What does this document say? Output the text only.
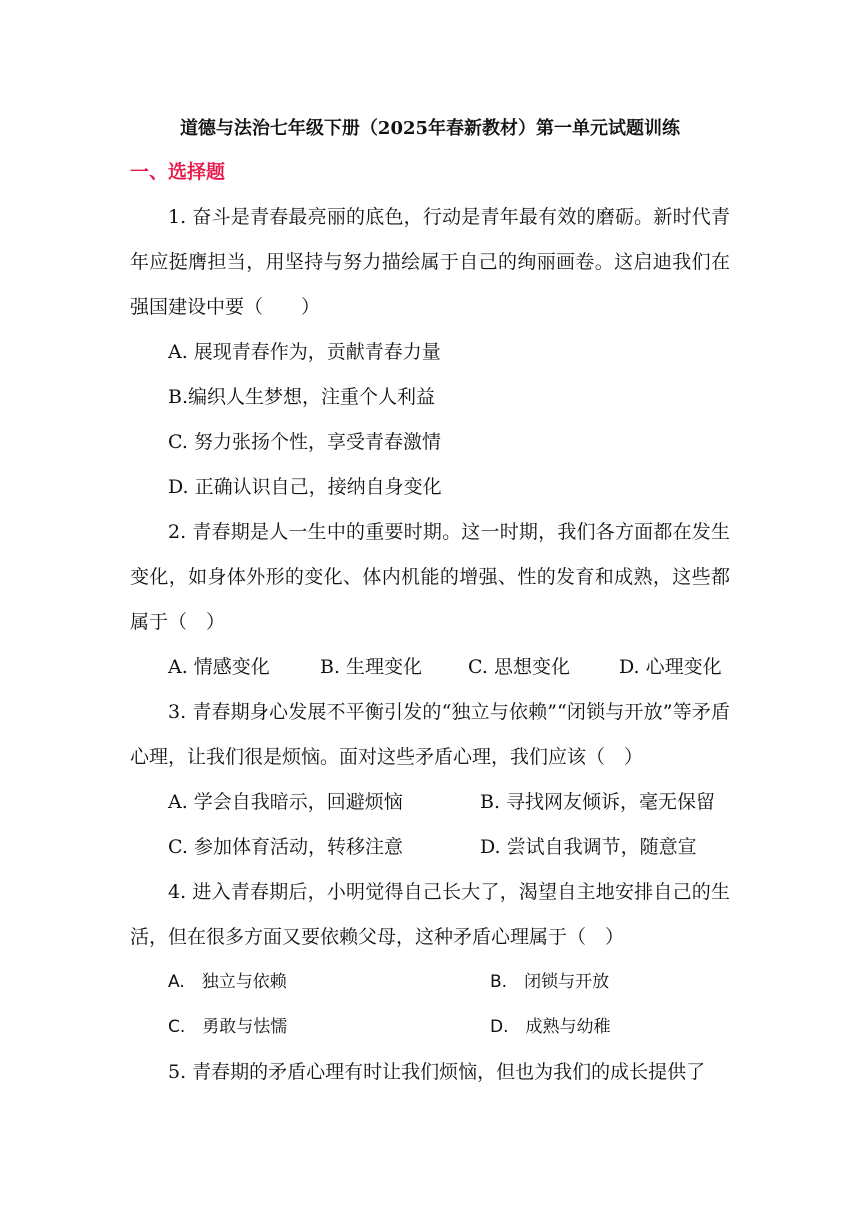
道德与法治七年级下册（2025年春新教材）第一单元试题训练
一、选择题

1. 奋斗是青春最亮丽的底色，行动是青年最有效的磨砺。新时代青年应挺膺担当，用坚持与努力描绘属于自己的绚丽画卷。这启迪我们在强国建设中要（　　）

A. 展现青春作为，贡献青春力量

B.编织人生梦想，注重个人利益

C. 努力张扬个性，享受青春激情

D. 正确认识自己，接纳自身变化

2. 青春期是人一生中的重要时期。这一时期，我们各方面都在发生变化，如身体外形的变化、体内机能的增强、性的发育和成熟，这些都属于（　）

A. 情感变化	B. 生理变化	C. 思想变化	D. 心理变化

3. 青春期身心发展不平衡引发的“独立与依赖”“闭锁与开放”等矛盾心理，让我们很是烦恼。面对这些矛盾心理，我们应该（　）

A. 学会自我暗示，回避烦恼	B. 寻找网友倾诉，毫无保留
C. 参加体育活动，转移注意	D. 尝试自我调节，随意宣

4. 进入青春期后，小明觉得自己长大了，渴望自主地安排自己的生活，但在很多方面又要依赖父母，这种矛盾心理属于（　）

A.　独立与依赖	B.　闭锁与开放
C.　勇敢与怯懦	D.　成熟与幼稚

5. 青春期的矛盾心理有时让我们烦恼，但也为我们的成长提供了
